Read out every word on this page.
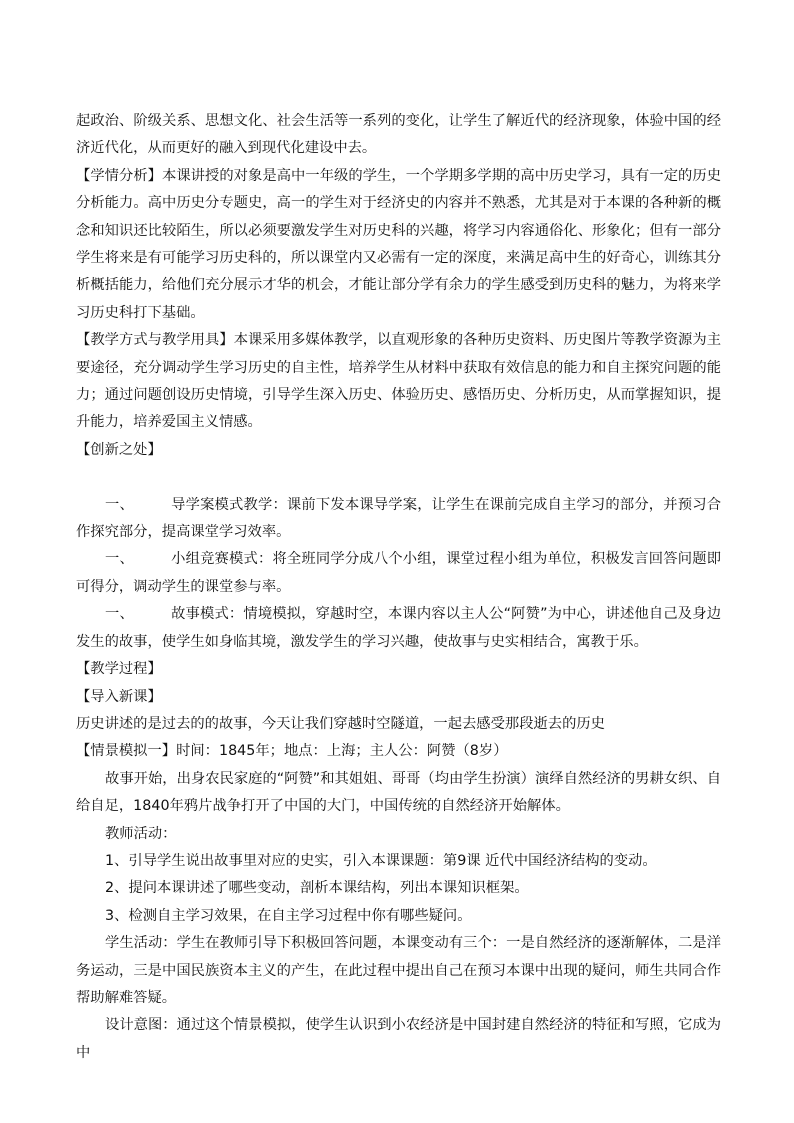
起政治、阶级关系、思想文化、社会生活等一系列的变化，让学生了解近代的经济现象，体验中国的经济近代化，从而更好的融入到现代化建设中去。

【学情分析】本课讲授的对象是高中一年级的学生，一个学期多学期的高中历史学习，具有一定的历史分析能力。高中历史分专题史，高一的学生对于经济史的内容并不熟悉，尤其是对于本课的各种新的概念和知识还比较陌生，所以必须要激发学生对历史科的兴趣，将学习内容通俗化、形象化；但有一部分学生将来是有可能学习历史科的，所以课堂内又必需有一定的深度，来满足高中生的好奇心，训练其分析概括能力，给他们充分展示才华的机会，才能让部分学有余力的学生感受到历史科的魅力，为将来学习历史科打下基础。

【教学方式与教学用具】本课采用多媒体教学，以直观形象的各种历史资料、历史图片等教学资源为主要途径，充分调动学生学习历史的自主性，培养学生从材料中获取有效信息的能力和自主探究问题的能力；通过问题创设历史情境，引导学生深入历史、体验历史、感悟历史、分析历史，从而掌握知识，提升能力，培养爱国主义情感。

【创新之处】

一、	导学案模式教学：课前下发本课导学案，让学生在课前完成自主学习的部分，并预习合作探究部分，提高课堂学习效率。

一、	小组竞赛模式：将全班同学分成八个小组，课堂过程小组为单位，积极发言回答问题即可得分，调动学生的课堂参与率。

一、	故事模式：情境模拟，穿越时空，本课内容以主人公“阿赞”为中心，讲述他自己及身边发生的故事，使学生如身临其境，激发学生的学习兴趣，使故事与史实相结合，寓教于乐。

【教学过程】

【导入新课】

历史讲述的是过去的的故事，今天让我们穿越时空隧道，一起去感受那段逝去的历史

【情景模拟一】时间：1845年；地点：上海；主人公：阿赞（8岁）

故事开始，出身农民家庭的“阿赞”和其姐姐、哥哥（均由学生扮演）演绎自然经济的男耕女织、自给自足，1840年鸦片战争打开了中国的大门，中国传统的自然经济开始解体。

教师活动：

1、引导学生说出故事里对应的史实，引入本课课题：第9课 近代中国经济结构的变动。

2、提问本课讲述了哪些变动，剖析本课结构，列出本课知识框架。

3、检测自主学习效果，在自主学习过程中你有哪些疑问。

学生活动：学生在教师引导下积极回答问题，本课变动有三个：一是自然经济的逐渐解体，二是洋务运动，三是中国民族资本主义的产生，在此过程中提出自己在预习本课中出现的疑问，师生共同合作帮助解难答疑。

设计意图：通过这个情景模拟，使学生认识到小农经济是中国封建自然经济的特征和写照，它成为中
